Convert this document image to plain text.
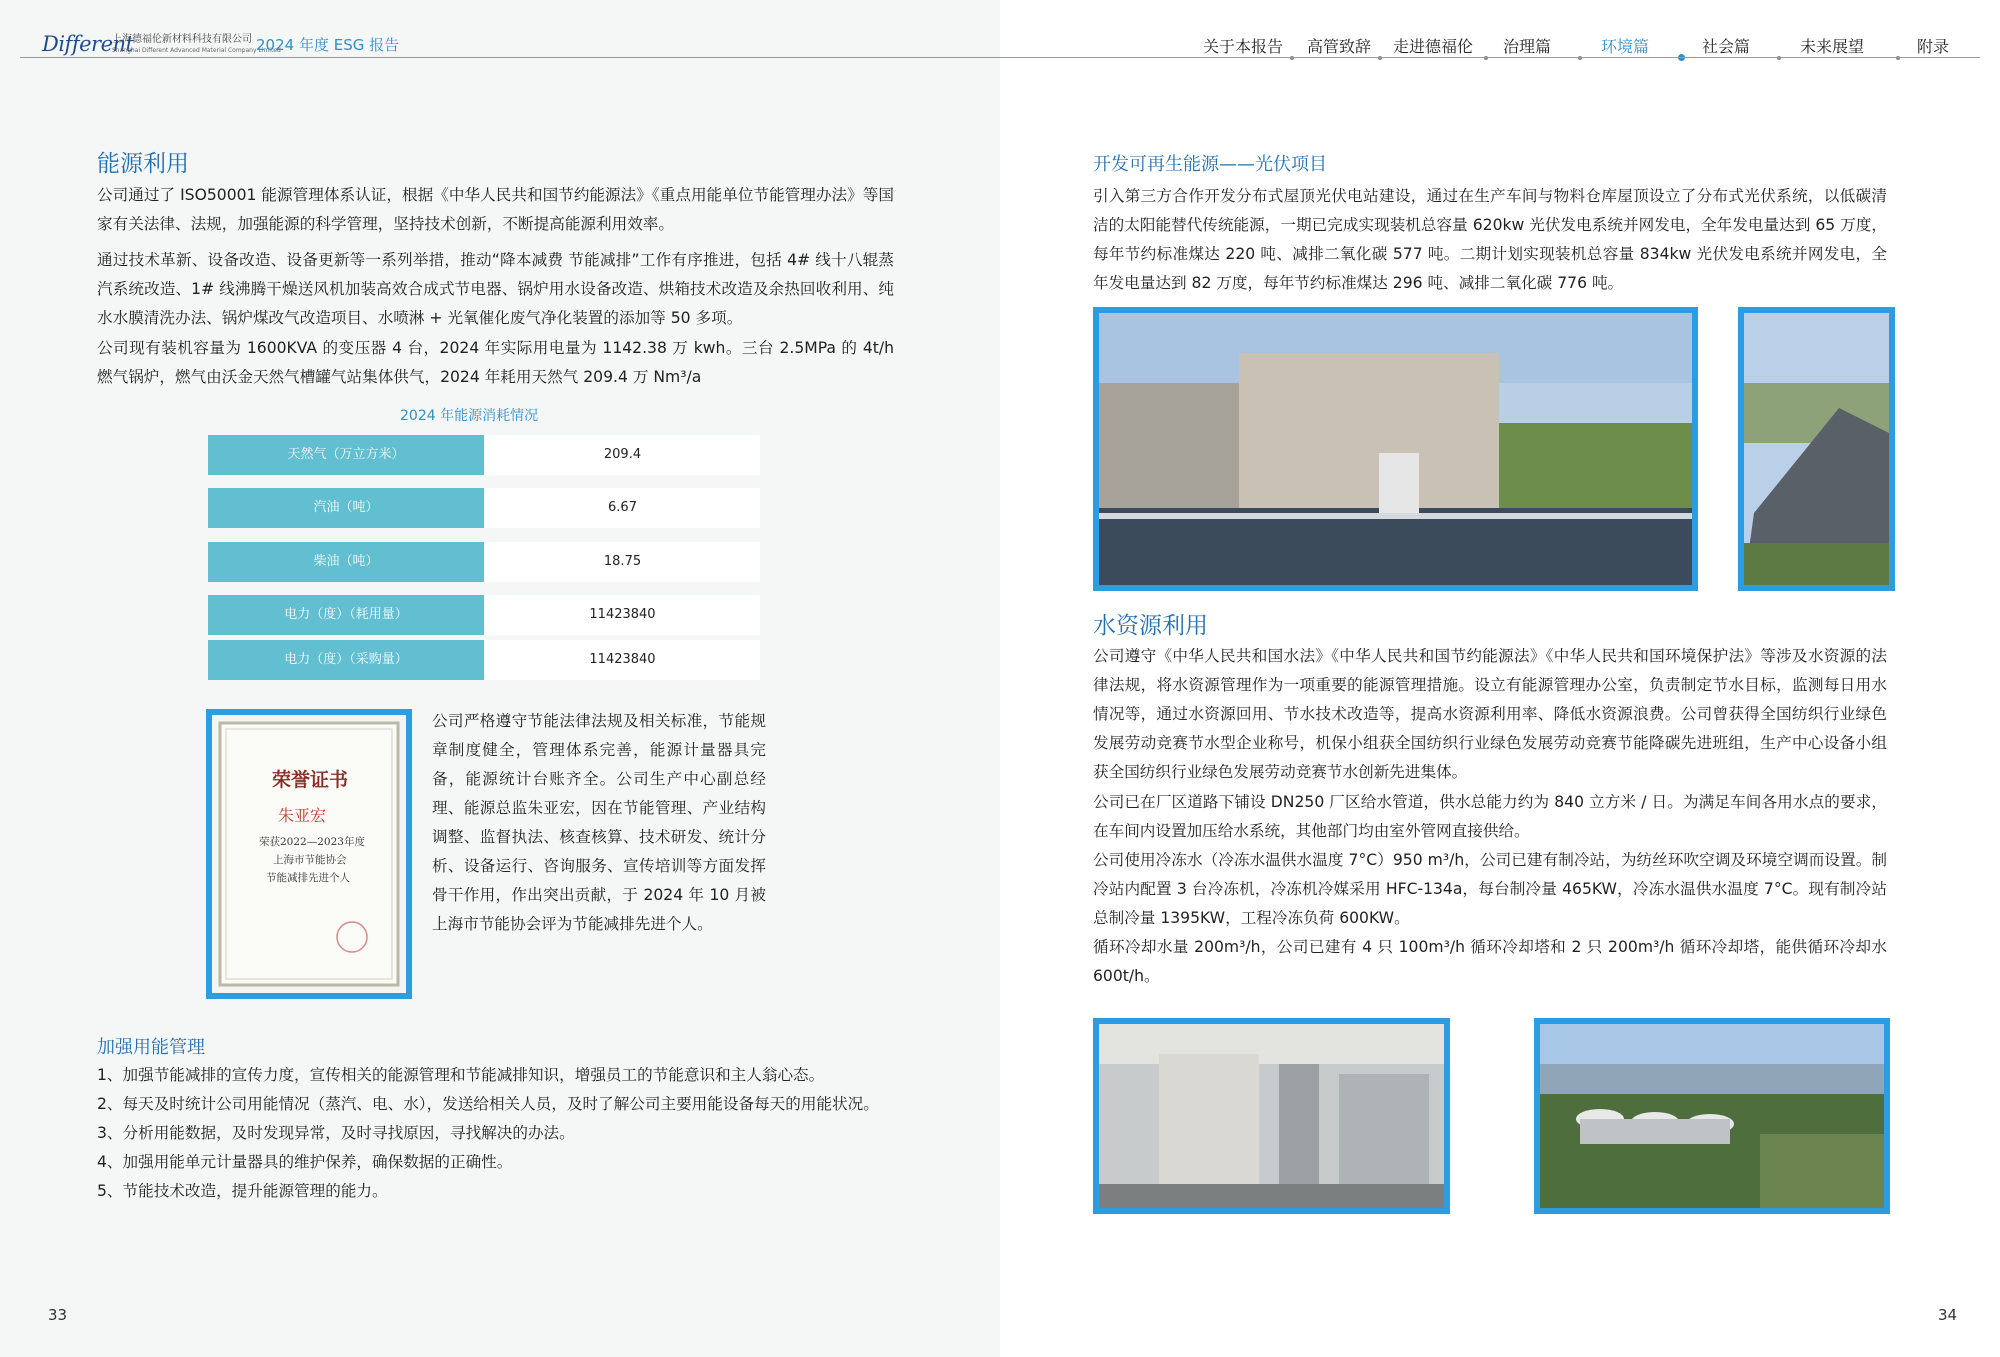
Different
上海德福伦新材料科技有限公司
Shanghai Different Advanced Material Company Limited
2024 年度 ESG 报告	关于本报告 高管致辞 走进德福伦 治理篇	环境篇	社会篇	未来展望	附录
能源利用

公司通过了 ISO50001 能源管理体系认证，根据《中华人民共和国节约能源法》《重点用能单位节能管理办法》等国家有关法律、法规，加强能源的科学管理，坚持技术创新，不断提高能源利用效率。

通过技术革新、设备改造、设备更新等一系列举措，推动“降本减费 节能减排”工作有序推进，包括 4# 线十八辊蒸汽系统改造、1# 线沸腾干燥送风机加装高效合成式节电器、锅炉用水设备改造、烘箱技术改造及余热回收利用、纯水水膜清洗办法、锅炉煤改气改造项目、水喷淋 + 光氧催化废气净化装置的添加等 50 多项。

公司现有装机容量为 1600KVA 的变压器 4 台，2024 年实际用电量为 1142.38 万 kwh。三台 2.5MPa 的 4t/h 燃气锅炉，燃气由沃金天然气槽罐气站集体供气，2024 年耗用天然气 209.4 万 Nm³/a

2024 年能源消耗情况
天然气（万立方米）	209.4
汽油（吨）	6.67
柴油（吨）	18.75
电力（度）（耗用量）	11423840
电力（度）（采购量）	11423840
荣誉证书
朱亚宏
荣获2022—2023年度
上海市节能协会
节能减排先进个人

公司严格遵守节能法律法规及相关标准，节能规章制度健全，管理体系完善，能源计量器具完备，能源统计台账齐全。公司生产中心副总经理、能源总监朱亚宏，因在节能管理、产业结构调整、监督执法、核查核算、技术研发、统计分析、设备运行、咨询服务、宣传培训等方面发挥骨干作用，作出突出贡献，于 2024 年 10 月被上海市节能协会评为节能减排先进个人。

加强用能管理
1、加强节能减排的宣传力度，宣传相关的能源管理和节能减排知识，增强员工的节能意识和主人翁心态。
2、每天及时统计公司用能情况（蒸汽、电、水），发送给相关人员，及时了解公司主要用能设备每天的用能状况。
3、分析用能数据，及时发现异常，及时寻找原因，寻找解决的办法。
4、加强用能单元计量器具的维护保养，确保数据的正确性。
5、节能技术改造，提升能源管理的能力。
33
开发可再生能源——光伏项目

引入第三方合作开发分布式屋顶光伏电站建设，通过在生产车间与物料仓库屋顶设立了分布式光伏系统，以低碳清洁的太阳能替代传统能源，一期已完成实现装机总容量 620kw 光伏发电系统并网发电，全年发电量达到 65 万度，每年节约标准煤达 220 吨、减排二氧化碳 577 吨。二期计划实现装机总容量 834kw 光伏发电系统并网发电，全年发电量达到 82 万度，每年节约标准煤达 296 吨、减排二氧化碳 776 吨。

水资源利用

公司遵守《中华人民共和国水法》《中华人民共和国节约能源法》《中华人民共和国环境保护法》等涉及水资源的法律法规，将水资源管理作为一项重要的能源管理措施。设立有能源管理办公室，负责制定节水目标，监测每日用水情况等，通过水资源回用、节水技术改造等，提高水资源利用率、降低水资源浪费。公司曾获得全国纺织行业绿色发展劳动竞赛节水型企业称号，机保小组获全国纺织行业绿色发展劳动竞赛节能降碳先进班组，生产中心设备小组获全国纺织行业绿色发展劳动竞赛节水创新先进集体。

公司已在厂区道路下铺设 DN250 厂区给水管道，供水总能力约为 840 立方米 / 日。为满足车间各用水点的要求，在车间内设置加压给水系统，其他部门均由室外管网直接供给。

公司使用冷冻水（冷冻水温供水温度 7°C）950 m³/h，公司已建有制冷站，为纺丝环吹空调及环境空调而设置。制冷站内配置 3 台冷冻机，冷冻机冷媒采用 HFC-134a，每台制冷量 465KW，冷冻水温供水温度 7°C。现有制冷站总制冷量 1395KW，工程冷冻负荷 600KW。

循环冷却水量 200m³/h，公司已建有 4 只 100m³/h 循环冷却塔和 2 只 200m³/h 循环冷却塔，能供循环冷却水 600t/h。

34
